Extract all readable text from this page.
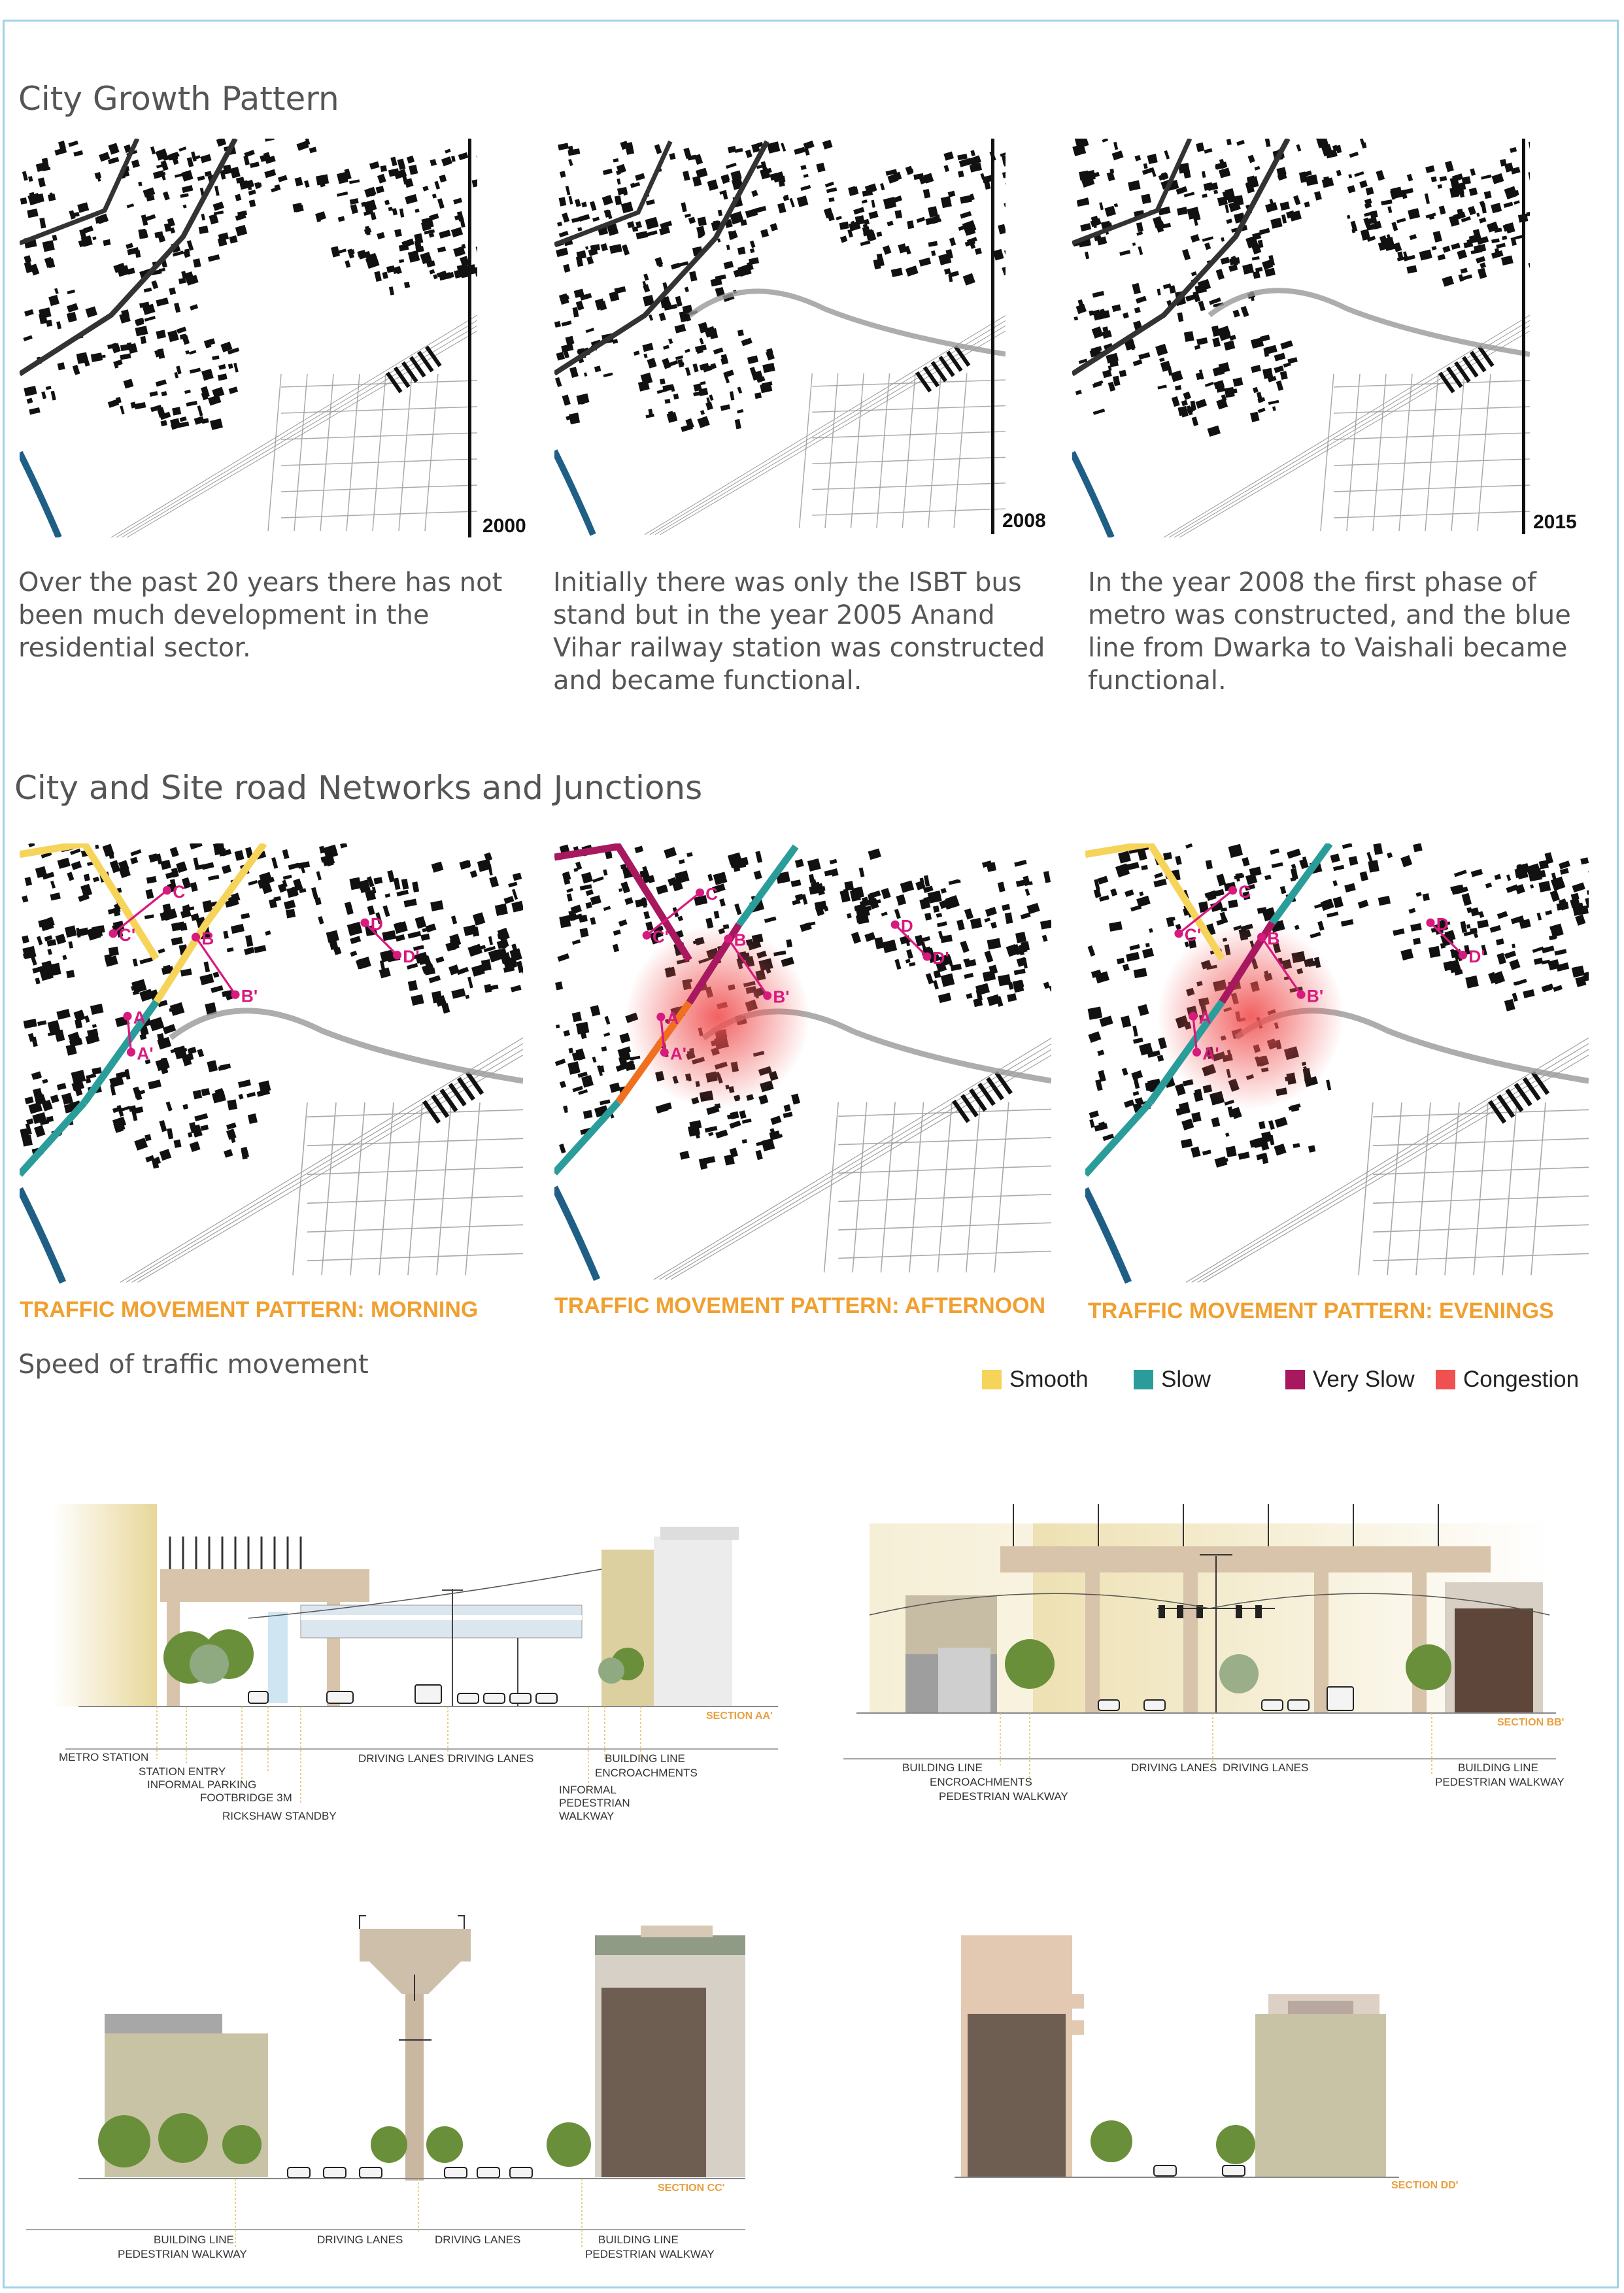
City Growth Pattern
2000	2008	2015
Over the past 20 years there has not been much development in the residential sector.
Initially there was only the ISBT bus stand but in the year 2005 Anand Vihar railway station was constructed and became functional.
In the year 2008 the first phase of metro was constructed, and the blue line from Dwarka to Vaishali became functional.
City and Site road Networks and Junctions
A
A'
B
B'
C
C'
D
D'
A
A'
B
B'
C
C'
D
D'
A
A'
B
B'
C
C'
D
D'
TRAFFIC MOVEMENT PATTERN: MORNING	TRAFFIC MOVEMENT PATTERN: AFTERNOON TRAFFIC MOVEMENT PATTERN: EVENINGS
Speed of traffic movement	Smooth	Slow	Very Slow Congestion
SECTION AA'
METRO STATION
STATION ENTRY
INFORMAL PARKING
FOOTBRIDGE 3M
RICKSHAW STANDBY
DRIVING LANES DRIVING LANES	BUILDING LINE
ENCROACHMENTS
INFORMAL
PEDESTRIAN
WALKWAY
SECTION BB'
BUILDING LINE
ENCROACHMENTS
PEDESTRIAN WALKWAY
DRIVING LANES DRIVING LANES	BUILDING LINE
PEDESTRIAN WALKWAY
SECTION CC'
BUILDING LINE
PEDESTRIAN WALKWAY
DRIVING LANES	DRIVING LANES	BUILDING LINE
PEDESTRIAN WALKWAY
SECTION DD'
